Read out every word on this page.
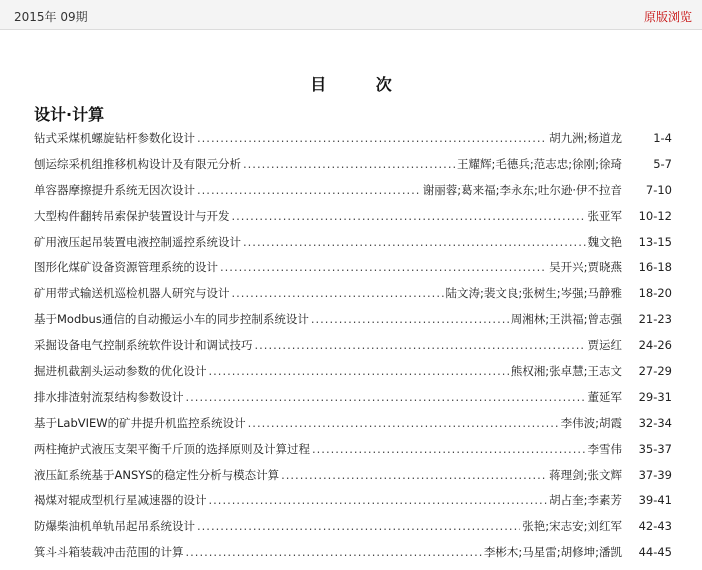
2015年 09期	原版浏览
目 次
设计·计算
钻式采煤机螺旋钻杆参数化设计 .....	胡九洲;杨道龙	1-4
刨运综采机组推移机构设计及有限元分析 .....	王耀辉;毛德兵;范志忠;徐刚;徐琦	5-7
单容器摩擦提升系统无因次设计 .....	谢丽蓉;葛来福;李永东;吐尔逊·伊不拉音	7-10
大型构件翻转吊索保护装置设计与开发 .....	张亚军	10-12
矿用液压起吊装置电液控制遥控系统设计 .....	魏文艳	13-15
图形化煤矿设备资源管理系统的设计 .....	吴开兴;贾晓燕	16-18
矿用带式输送机巡检机器人研究与设计 .....	陆文涛;裴文良;张树生;岑强;马静雅	18-20
基于Modbus通信的自动搬运小车的同步控制系统设计 .....	周湘林;王洪福;曾志强	21-23
采掘设备电气控制系统软件设计和调试技巧 .....	贾运红	24-26
掘进机截割头运动参数的优化设计 .....	熊权湘;张卓慧;王志文	27-29
排水排渣射流泵结构参数设计 .....	董延军	29-31
基于LabVIEW的矿井提升机监控系统设计 .....	李伟波;胡霞	32-34
两柱掩护式液压支架平衡千斤顶的选择原则及计算过程 .....	李雪伟	35-37
液压缸系统基于ANSYS的稳定性分析与模态计算 .....	蒋理剑;张文辉	37-39
褐煤对辊成型机行星减速器的设计 .....	胡占奎;李素芳	39-41
防爆柴油机单轨吊起吊系统设计 .....	张艳;宋志安;刘红军	42-43
箕斗斗箱装载冲击范围的计算 .....	李彬木;马星雷;胡修坤;潘凯	44-45
